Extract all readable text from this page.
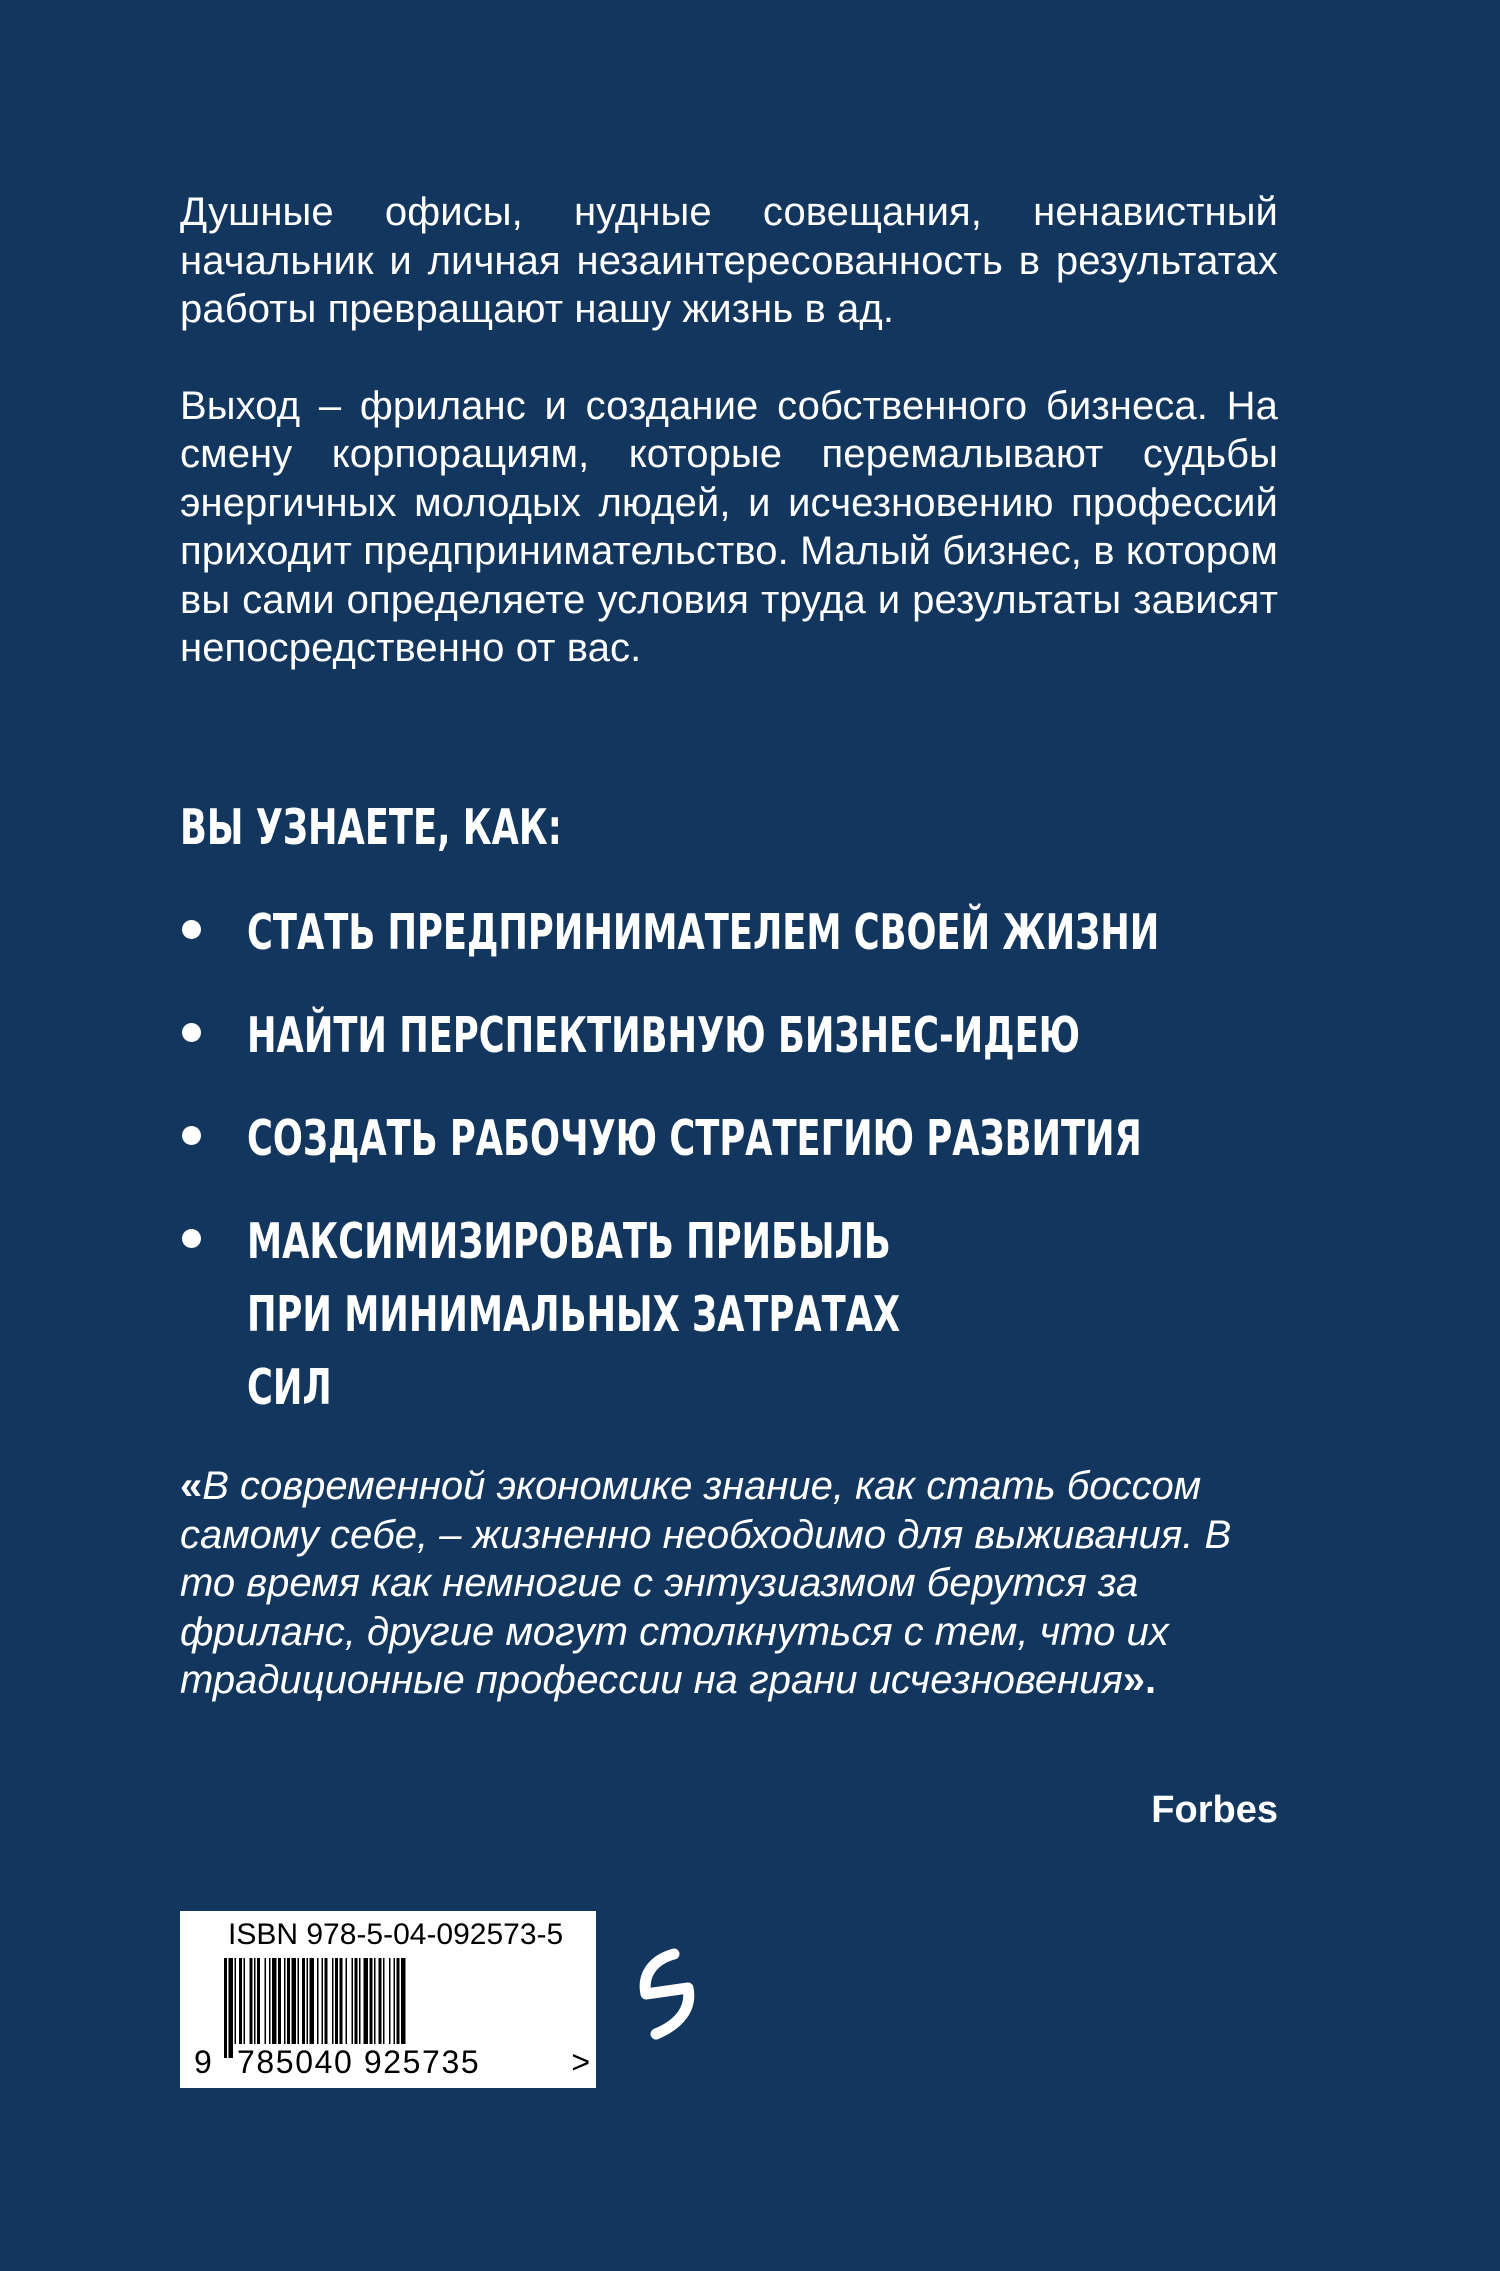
Душные офисы, нудные совещания, ненавистный начальник и личная незаинтересованность в результатах работы превращают нашу жизнь в ад.

Выход – фриланс и создание собственного бизнеса. На смену корпорациям, которые перемалывают судьбы энергичных молодых людей, и исчезновению профессий приходит предпринимательство. Малый бизнес, в котором вы сами определяете условия труда и результаты зависят непосредственно от вас.

ВЫ УЗНАЕТЕ, КАК:
СТАТЬ ПРЕДПРИНИМАТЕЛЕМ СВОЕЙ ЖИЗНИ
НАЙТИ ПЕРСПЕКТИВНУЮ БИЗНЕС-ИДЕЮ
СОЗДАТЬ РАБОЧУЮ СТРАТЕГИЮ РАЗВИТИЯ
МАКСИМИЗИРОВАТЬ ПРИБЫЛЬ ПРИ МИНИМАЛЬНЫХ ЗАТРАТАХ СИЛ

«В современной экономике знание, как стать боссом самому себе, – жизненно необходимо для выживания. В то время как немногие с энтузиазмом берутся за фриланс, другие могут столкнуться с тем, что их традиционные профессии на грани исчезновения».

Forbes
ISBN 978-5-04-092573-5
9 785040 925735	>
